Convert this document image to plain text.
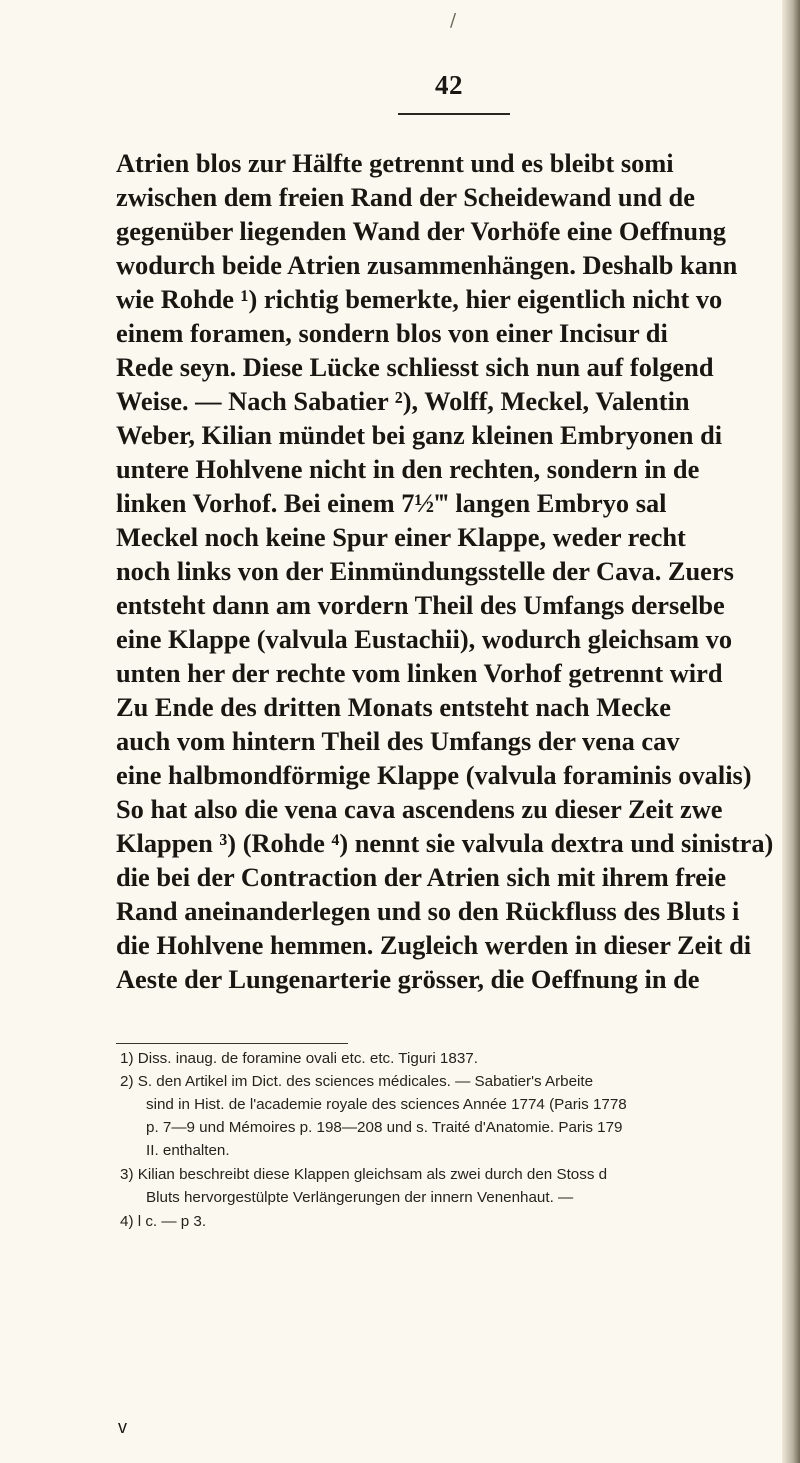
/
42
Atrien blos zur Hälfte getrennt und es bleibt somi
zwischen dem freien Rand der Scheidewand und de
gegenüber liegenden Wand der Vorhöfe eine Oeffnung
wodurch beide Atrien zusammenhängen. Deshalb kann
wie Rohde ¹) richtig bemerkte, hier eigentlich nicht vo
einem foramen, sondern blos von einer Incisur di
Rede seyn. Diese Lücke schliesst sich nun auf folgend
Weise. — Nach Sabatier ²), Wolff, Meckel, Valentin
Weber, Kilian mündet bei ganz kleinen Embryonen di
untere Hohlvene nicht in den rechten, sondern in de
linken Vorhof. Bei einem 7½‴ langen Embryo sal
Meckel noch keine Spur einer Klappe, weder recht
noch links von der Einmündungsstelle der Cava. Zuers
entsteht dann am vordern Theil des Umfangs derselbe
eine Klappe (valvula Eustachii), wodurch gleichsam vo
unten her der rechte vom linken Vorhof getrennt wird
Zu Ende des dritten Monats entsteht nach Mecke
auch vom hintern Theil des Umfangs der vena cav
eine halbmondförmige Klappe (valvula foraminis ovalis)
So hat also die vena cava ascendens zu dieser Zeit zwe
Klappen ³) (Rohde ⁴) nennt sie valvula dextra und sinistra)
die bei der Contraction der Atrien sich mit ihrem freie
Rand aneinanderlegen und so den Rückfluss des Bluts i
die Hohlvene hemmen. Zugleich werden in dieser Zeit di
Aeste der Lungenarterie grösser, die Oeffnung in de
1) Diss. inaug. de foramine ovali etc. etc. Tiguri 1837.
2) S. den Artikel im Dict. des sciences médicales. — Sabatier's Arbeite
sind in Hist. de l'academie royale des sciences Année 1774 (Paris 1778
p. 7—9 und Mémoires p. 198—208 und s. Traité d'Anatomie. Paris 179
II. enthalten.
3) Kilian beschreibt diese Klappen gleichsam als zwei durch den Stoss d
Bluts hervorgestülpte Verlängerungen der innern Venenhaut. —
4) l c. — p 3.
v
